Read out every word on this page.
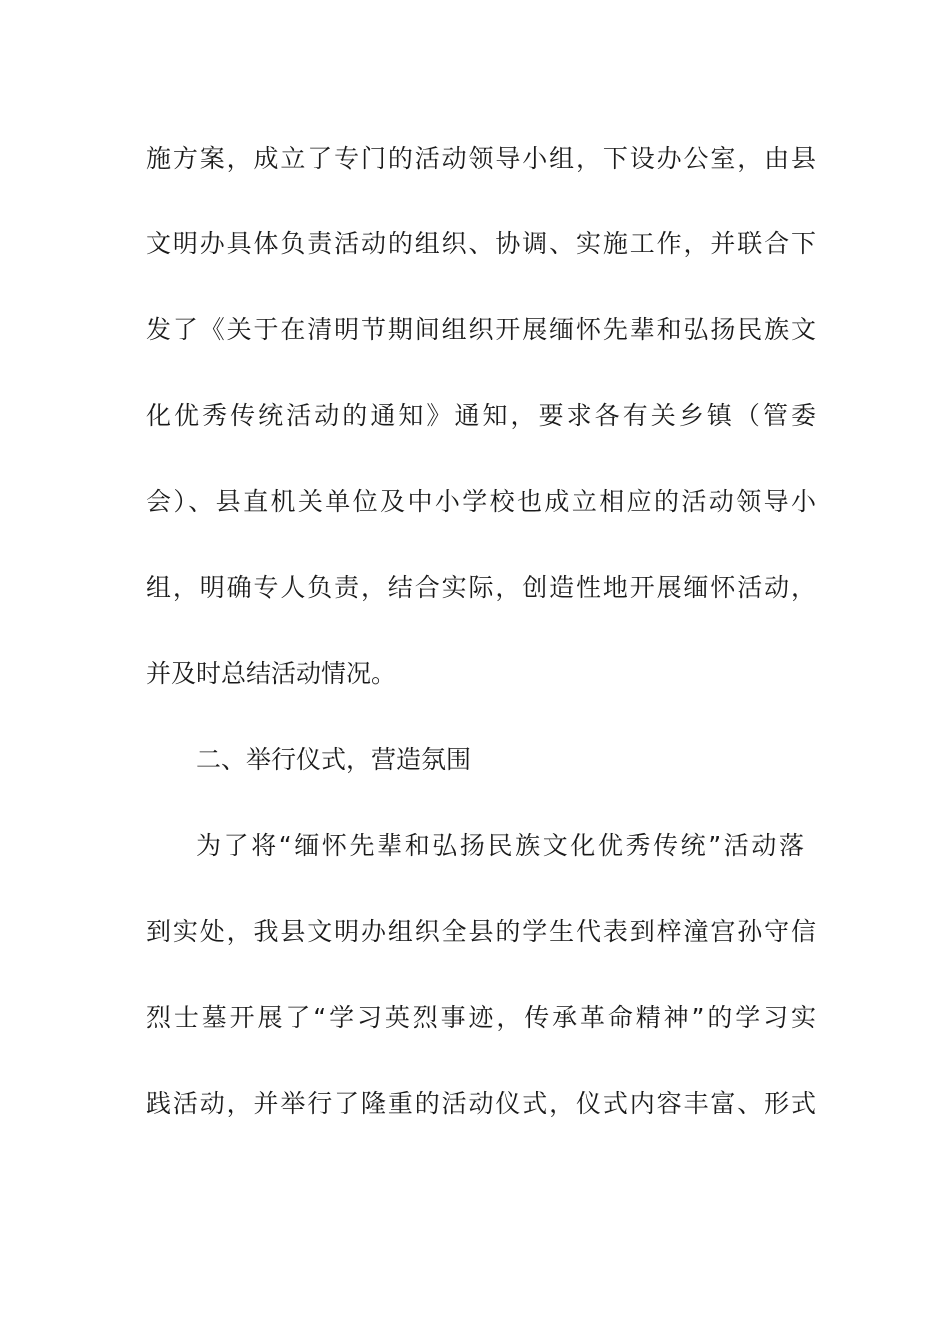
施方案，成立了专门的活动领导小组，下设办公室，由县
文明办具体负责活动的组织、协调、实施工作，并联合下
发了《关于在清明节期间组织开展缅怀先辈和弘扬民族文
化优秀传统活动的通知》通知，要求各有关乡镇（管委
会）、县直机关单位及中小学校也成立相应的活动领导小
组，明确专人负责，结合实际，创造性地开展缅怀活动，
并及时总结活动情况。
二、举行仪式，营造氛围
为了将“缅怀先辈和弘扬民族文化优秀传统”活动落
到实处，我县文明办组织全县的学生代表到梓潼宫孙守信
烈士墓开展了“学习英烈事迹，传承革命精神”的学习实
践活动，并举行了隆重的活动仪式，仪式内容丰富、形式
